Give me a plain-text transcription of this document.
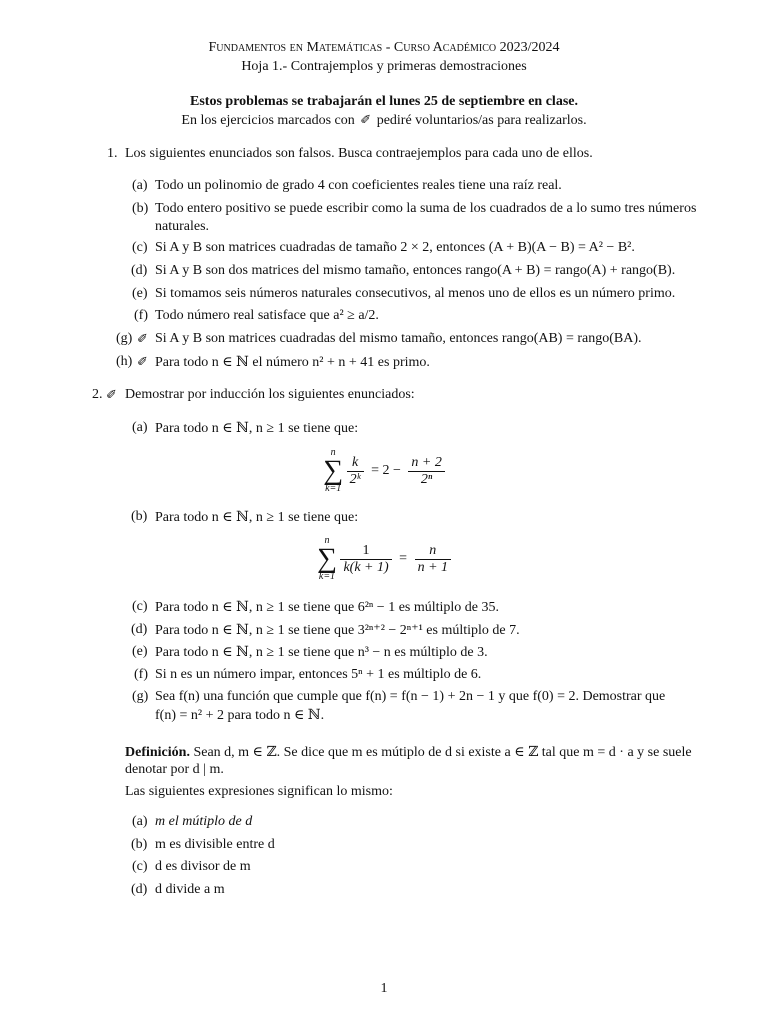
Fundamentos en Matemáticas - Curso Académico 2023/2024
Hoja 1.- Contrajemplos y primeras demostraciones
Estos problemas se trabajarán el lunes 25 de septiembre en clase.
En los ejercicios marcados con ✐ pediré voluntarios/as para realizarlos.
1. Los siguientes enunciados son falsos. Busca contraejemplos para cada uno de ellos.
(a) Todo un polinomio de grado 4 con coeficientes reales tiene una raíz real.
(b) Todo entero positivo se puede escribir como la suma de los cuadrados de a lo sumo tres números
naturales.
(c) Si A y B son matrices cuadradas de tamaño 2 × 2, entonces (A + B)(A − B) = A² − B².
(d) Si A y B son dos matrices del mismo tamaño, entonces rango(A + B) = rango(A) + rango(B).
(e) Si tomamos seis números naturales consecutivos, al menos uno de ellos es un número primo.
(f) Todo número real satisface que a² ≥ a/2.
(g) ✐ Si A y B son matrices cuadradas del mismo tamaño, entonces rango(AB) = rango(BA).
(h) ✐ Para todo n ∈ ℕ el número n² + n + 41 es primo.
2. ✐ Demostrar por inducción los siguientes enunciados:
(a) Para todo n ∈ ℕ, n ≥ 1 se tiene que:
n
∑
k=1

$\frac{k}{\text{2ᵏ}} = 2 - \frac{n + 2}{\text{2ⁿ}}$
(b) Para todo n ∈ ℕ, n ≥ 1 se tiene que:
n
∑
k=1

$\frac{1}{k(k + 1)} = \frac{n}{n + 1}$
(c) Para todo n ∈ ℕ, n ≥ 1 se tiene que 6²ⁿ − 1 es múltiplo de 35.
(d) Para todo n ∈ ℕ, n ≥ 1 se tiene que 3²ⁿ⁺² − 2ⁿ⁺¹ es múltiplo de 7.
(e) Para todo n ∈ ℕ, n ≥ 1 se tiene que n³ − n es múltiplo de 3.
(f) Si n es un número impar, entonces 5ⁿ + 1 es múltiplo de 6.
(g) Sea f(n) una función que cumple que f(n) = f(n − 1) + 2n − 1 y que f(0) = 2. Demostrar que
f(n) = n² + 2 para todo n ∈ ℕ.
Definición. Sean d, m ∈ ℤ. Se dice que m es mútiplo de d si existe a ∈ ℤ tal que m = d · a y se suele
denotar por d | m.
Las siguientes expresiones significan lo mismo:
(a) m el mútiplo de d
(b) m es divisible entre d
(c) d es divisor de m
(d) d divide a m
1
